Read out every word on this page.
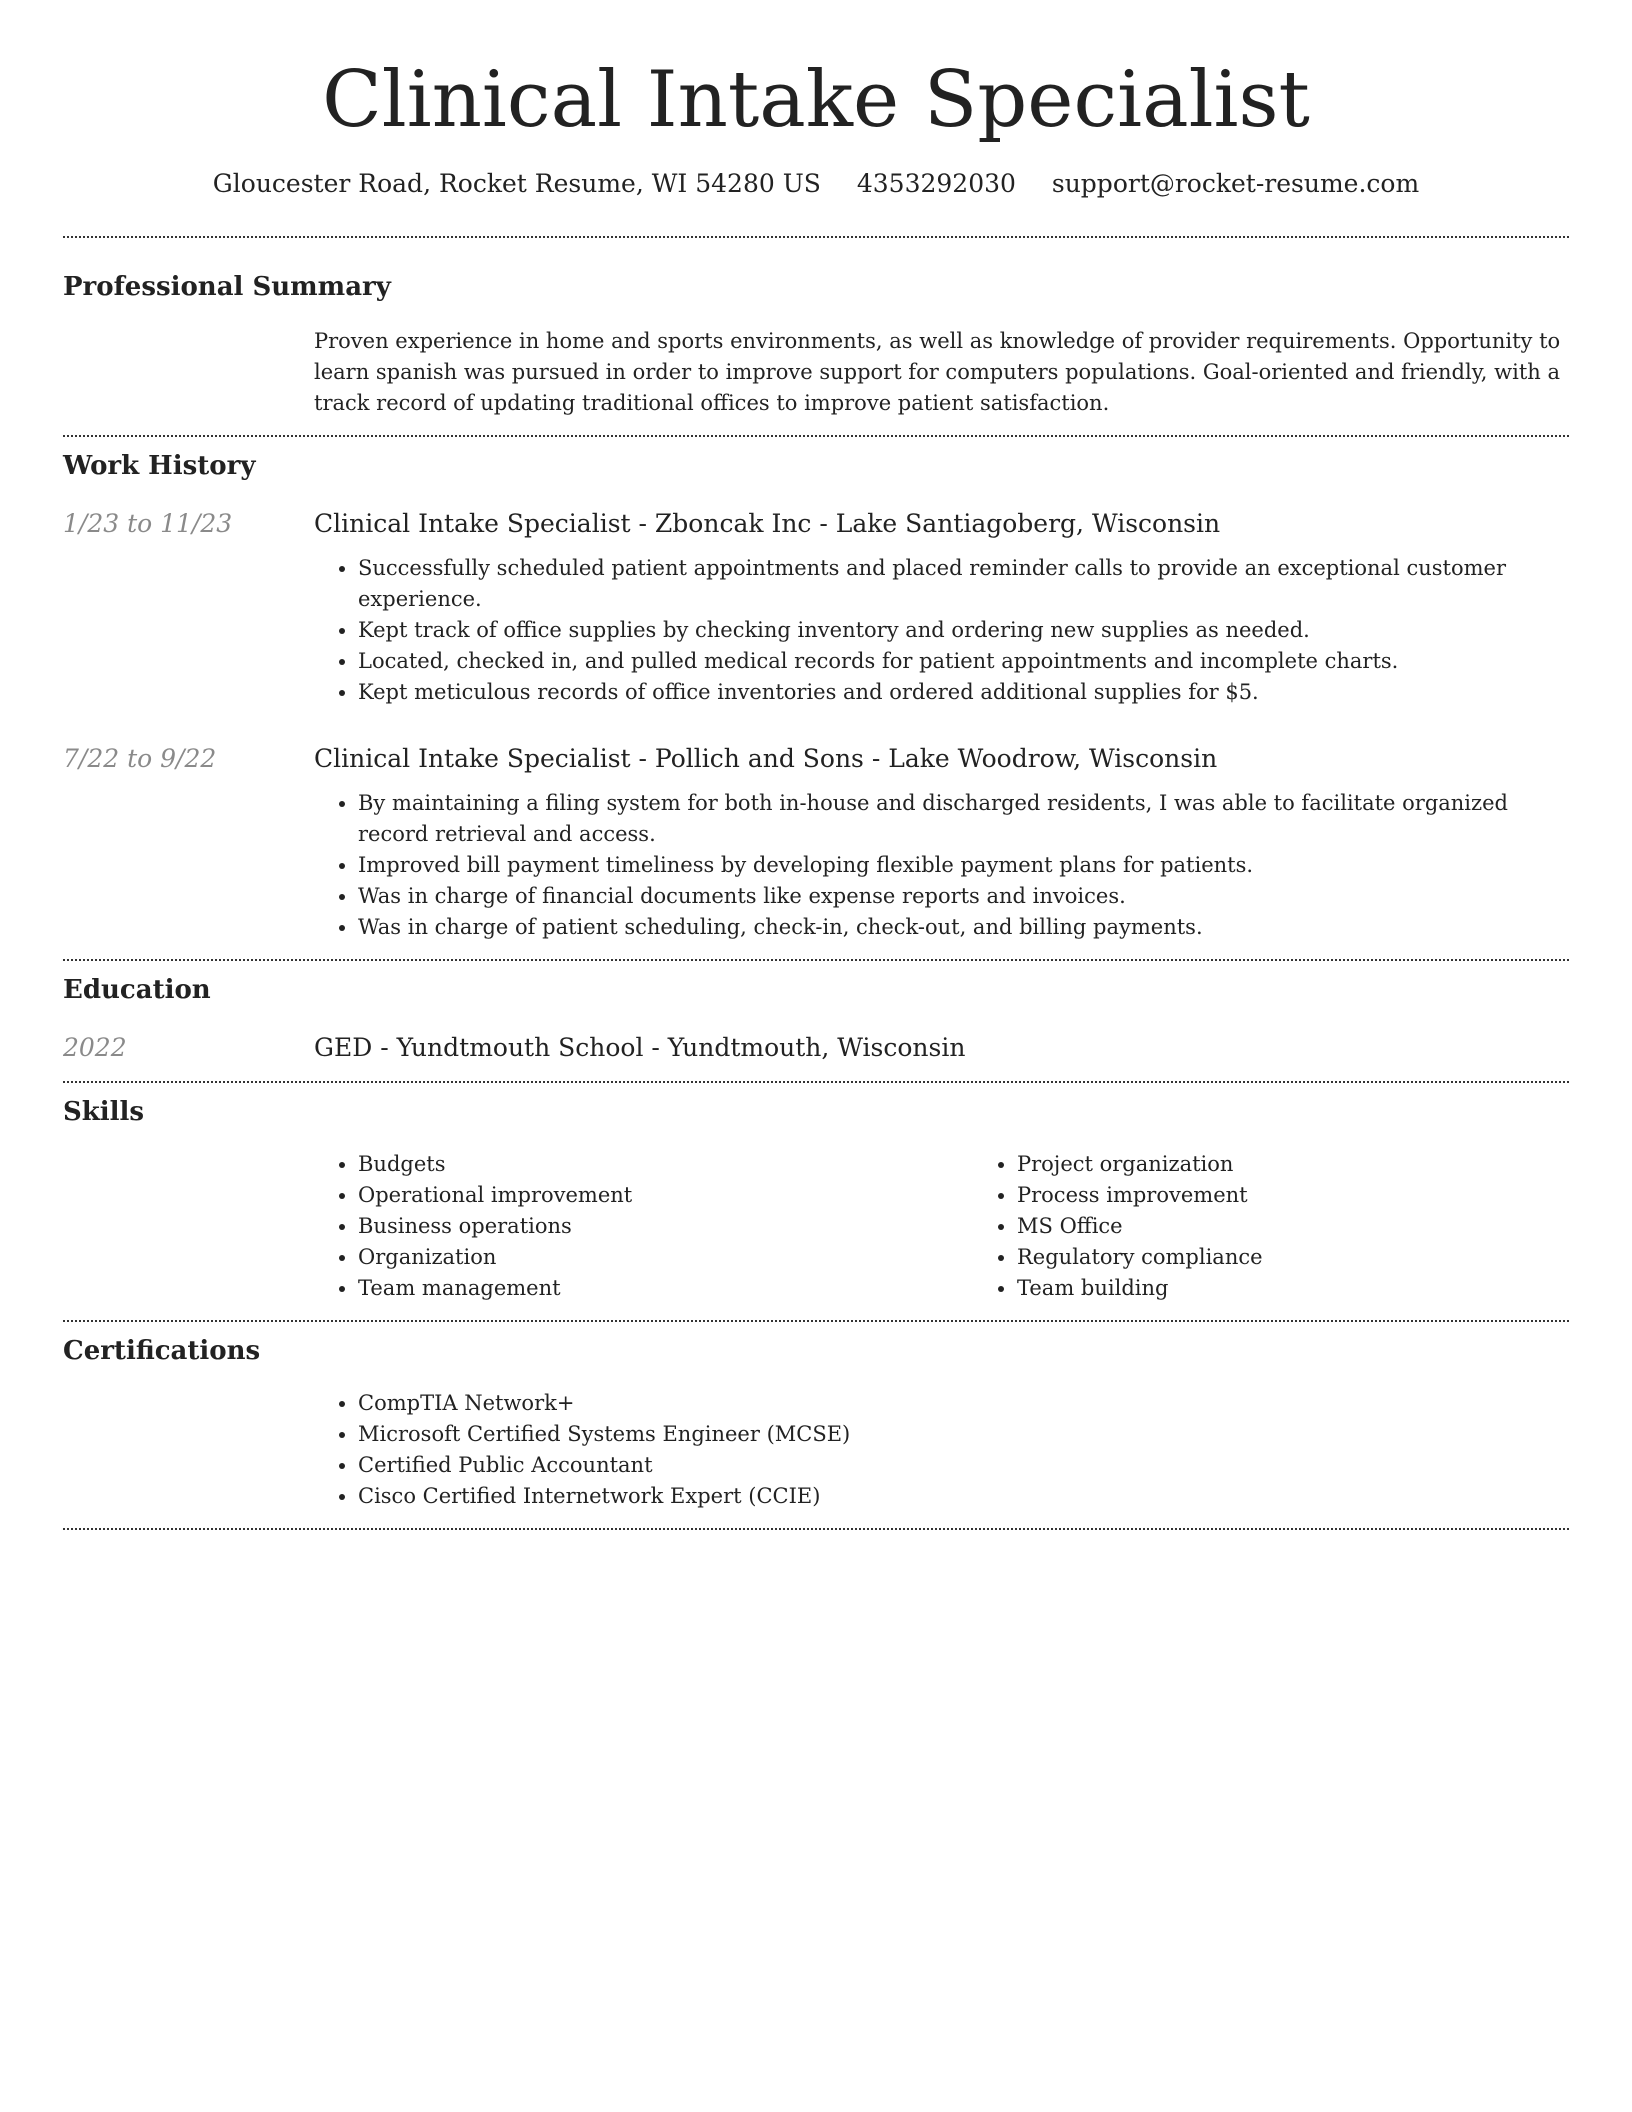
Clinical Intake Specialist
Gloucester Road, Rocket Resume, WI 54280 US 4353292030 support@rocket-resume.com
Professional Summary

Proven experience in home and sports environments, as well as knowledge of provider requirements. Opportunity to learn spanish was pursued in order to improve support for computers populations. Goal-oriented and friendly, with a track record of updating traditional offices to improve patient satisfaction.

Work History
1/23 to 11/23	Clinical Intake Specialist - Zboncak Inc - Lake Santiagoberg, Wisconsin
• Successfully scheduled patient appointments and placed reminder calls to provide an exceptional customer experience.
• Kept track of office supplies by checking inventory and ordering new supplies as needed.
• Located, checked in, and pulled medical records for patient appointments and incomplete charts.
• Kept meticulous records of office inventories and ordered additional supplies for $5.
7/22 to 9/22	Clinical Intake Specialist - Pollich and Sons - Lake Woodrow, Wisconsin
• By maintaining a filing system for both in-house and discharged residents, I was able to facilitate organized record retrieval and access.
• Improved bill payment timeliness by developing flexible payment plans for patients.
• Was in charge of financial documents like expense reports and invoices.
• Was in charge of patient scheduling, check-in, check-out, and billing payments.
Education
2022	GED - Yundtmouth School - Yundtmouth, Wisconsin
Skills
• Budgets
• Operational improvement
• Business operations
• Organization
• Team management
• Project organization
• Process improvement
• MS Office
• Regulatory compliance
• Team building
Certifications
• CompTIA Network+
• Microsoft Certified Systems Engineer (MCSE)
• Certified Public Accountant
• Cisco Certified Internetwork Expert (CCIE)
